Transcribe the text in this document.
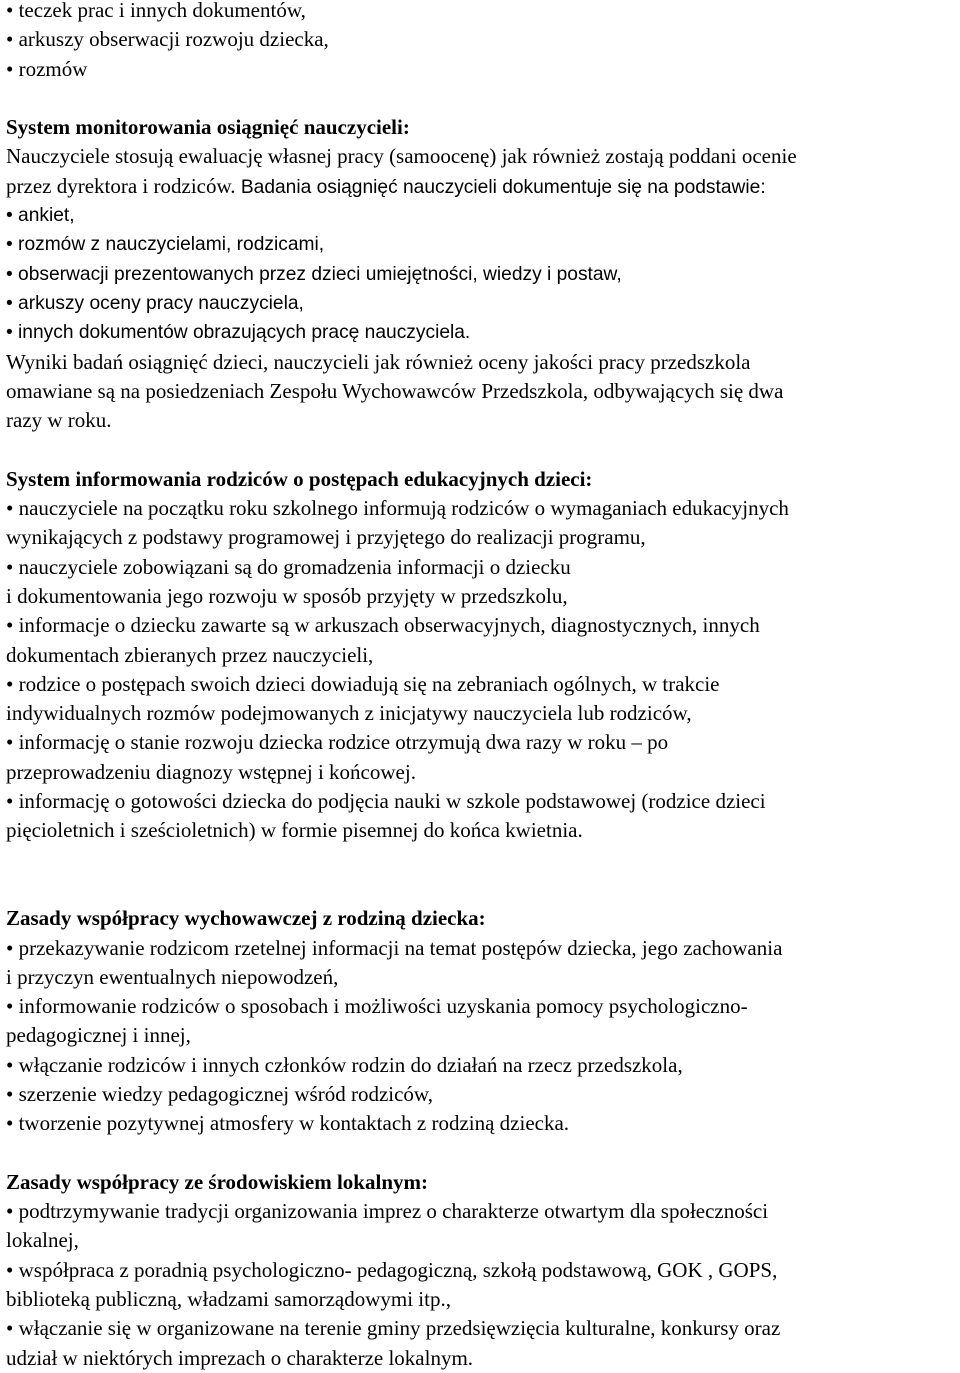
• teczek prac i innych dokumentów,
• arkuszy obserwacji rozwoju dziecka,
• rozmów
System monitorowania osiągnięć nauczycieli:
Nauczyciele stosują ewaluację własnej pracy (samoocenę) jak również zostają poddani ocenie
przez dyrektora i rodziców. Badania osiągnięć nauczycieli dokumentuje się na podstawie:
• ankiet,
• rozmów z nauczycielami, rodzicami,
• obserwacji prezentowanych przez dzieci umiejętności, wiedzy i postaw,
• arkuszy oceny pracy nauczyciela,
• innych dokumentów obrazujących pracę nauczyciela.
Wyniki badań osiągnięć dzieci, nauczycieli jak również oceny jakości pracy przedszkola
omawiane są na posiedzeniach Zespołu Wychowawców Przedszkola, odbywających się dwa
razy w roku.
System informowania rodziców o postępach edukacyjnych dzieci:
• nauczyciele na początku roku szkolnego informują rodziców o wymaganiach edukacyjnych
wynikających z podstawy programowej i przyjętego do realizacji programu,
• nauczyciele zobowiązani są do gromadzenia informacji o dziecku
i dokumentowania jego rozwoju w sposób przyjęty w przedszkolu,
• informacje o dziecku zawarte są w arkuszach obserwacyjnych, diagnostycznych, innych
dokumentach zbieranych przez nauczycieli,
• rodzice o postępach swoich dzieci dowiadują się na zebraniach ogólnych, w trakcie
indywidualnych rozmów podejmowanych z inicjatywy nauczyciela lub rodziców,
• informację o stanie rozwoju dziecka rodzice otrzymują dwa razy w roku – po
przeprowadzeniu diagnozy wstępnej i końcowej.
• informację o gotowości dziecka do podjęcia nauki w szkole podstawowej (rodzice dzieci
pięcioletnich i sześcioletnich) w formie pisemnej do końca kwietnia.
Zasady współpracy wychowawczej z rodziną dziecka:
• przekazywanie rodzicom rzetelnej informacji na temat postępów dziecka, jego zachowania
i przyczyn ewentualnych niepowodzeń,
• informowanie rodziców o sposobach i możliwości uzyskania pomocy psychologiczno-
pedagogicznej i innej,
• włączanie rodziców i innych członków rodzin do działań na rzecz przedszkola,
• szerzenie wiedzy pedagogicznej wśród rodziców,
• tworzenie pozytywnej atmosfery w kontaktach z rodziną dziecka.
Zasady współpracy ze środowiskiem lokalnym:
• podtrzymywanie tradycji organizowania imprez o charakterze otwartym dla społeczności
lokalnej,
• współpraca z poradnią psychologiczno- pedagogiczną, szkołą podstawową, GOK , GOPS,
biblioteką publiczną, władzami samorządowymi itp.,
• włączanie się w organizowane na terenie gminy przedsięwzięcia kulturalne, konkursy oraz
udział w niektórych imprezach o charakterze lokalnym.
